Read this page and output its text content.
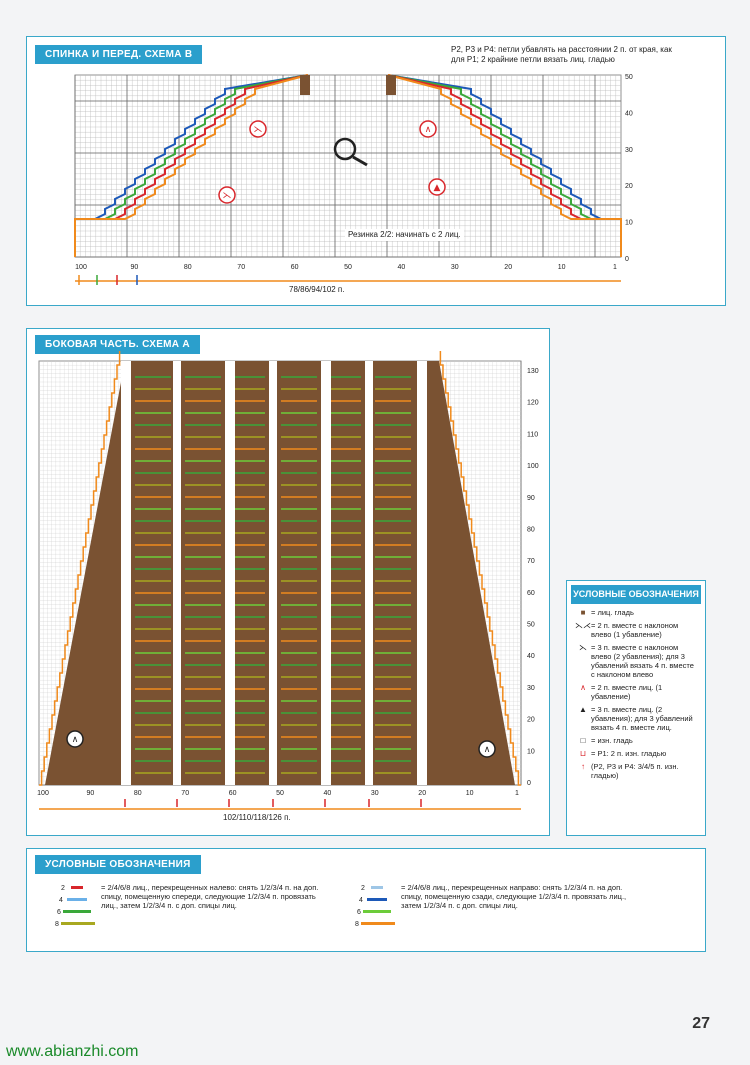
СПИНКА И ПЕРЕД. СХЕМА В	P2, P3 и P4: петли убавлять на расстоянии 2 п. от края, как для P1; 2 крайние петли вязать лиц. гладью
⋋	∧
⋋
▲
100	90	80	70	60	50	40	30	20	10	1
50
40
30
20
10
0
Резинка 2/2: начинать с 2 лиц.
78/86/94/102 п.
БОКОВАЯ ЧАСТЬ. СХЕМА А
∧
∧
100	90	80	70	60	50	40	30	20	10	1
130
120
110
100
90
80
70
60
50
40
30
20
10
0
102/110/118/126 п.
УСЛОВНЫЕ ОБОЗНАЧЕНИЯ
■ = лиц. гладь
⋋⋌ = 2 п. вместе с наклоном влево (1 убавление)
⋋ = 3 п. вместе с наклоном влево (2 убавления); для 3 убавлений вязать 4 п. вместе с наклоном влево
∧ = 2 п. вместе лиц. (1 убавление)
▲ = 3 п. вместе лиц. (2 убавления); для 3 убавлений вязать 4 п. вместе лиц.
□ = изн. гладь
⊔ = P1: 2 п. изн. гладью
↑ (P2, P3 и P4: 3/4/5 п. изн. гладью)
УСЛОВНЫЕ ОБОЗНАЧЕНИЯ
2
4
6
8
2
4
6
8
= 2/4/6/8 лиц., перекрещенных налево: снять 1/2/3/4 п. на доп. спицу, помещенную спереди, следующие 1/2/3/4 п. провязать лиц., затем 1/2/3/4 п. с доп. спицы лиц.
= 2/4/6/8 лиц., перекрещенных направо: снять 1/2/3/4 п. на доп. спицу, помещенную сзади, следующие 1/2/3/4 п. провязать лиц., затем 1/2/3/4 п. с доп. спицы лиц.
www.abianzhi.com
27
